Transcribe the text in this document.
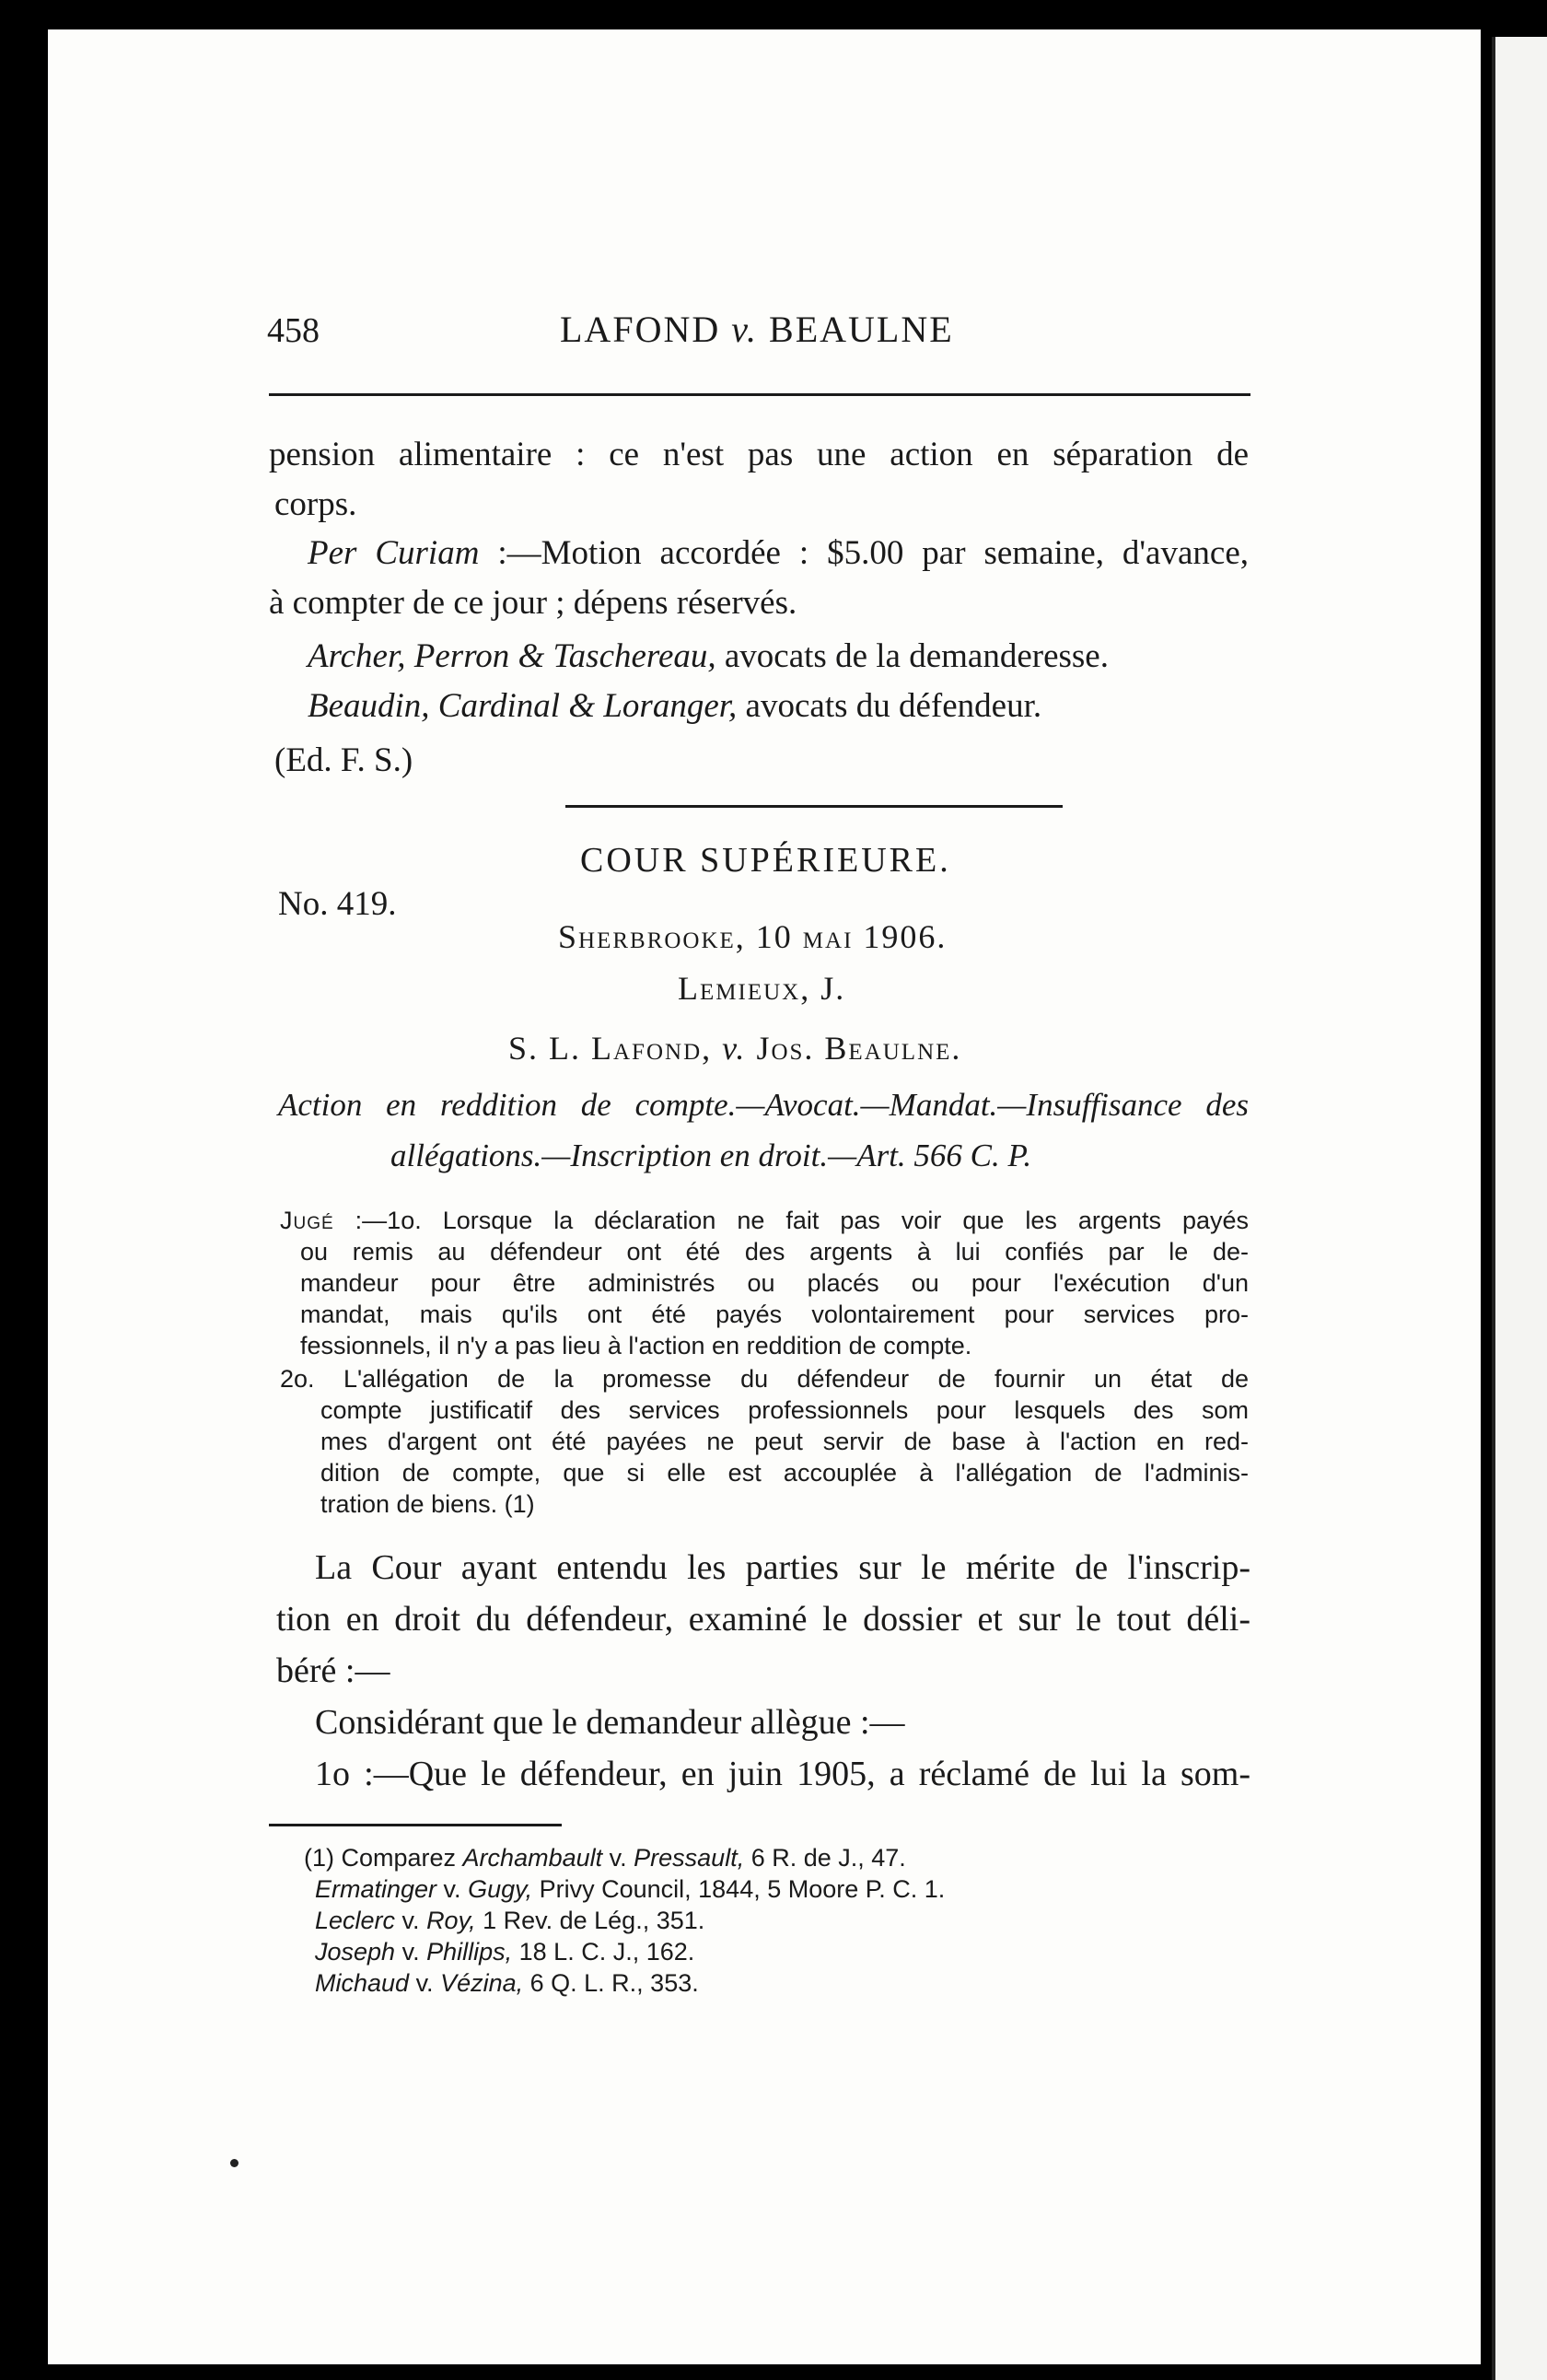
458	LAFOND v. BEAULNE
pension alimentaire : ce n'est pas une action en séparation de
corps.
Per Curiam :—Motion accordée : $5.00 par semaine, d'avance,
à compter de ce jour ; dépens réservés.
Archer, Perron & Taschereau, avocats de la demanderesse.
Beaudin, Cardinal & Loranger, avocats du défendeur.
(Ed. F. S.)
COUR SUPÉRIEURE.
No. 419.
Sherbrooke, 10 mai 1906.
Lemieux, J.
S. L. Lafond, v. Jos. Beaulne.
Action en reddition de compte.—Avocat.—Mandat.—Insuffisance des
allégations.—Inscription en droit.—Art. 566 C. P.
Jugé :—1o. Lorsque la déclaration ne fait pas voir que les argents payés
ou remis au défendeur ont été des argents à lui confiés par le de-
mandeur pour être administrés ou placés ou pour l'exécution d'un
mandat, mais qu'ils ont été payés volontairement pour services pro-
fessionnels, il n'y a pas lieu à l'action en reddition de compte.
2o. L'allégation de la promesse du défendeur de fournir un état de
compte justificatif des services professionnels pour lesquels des som
mes d'argent ont été payées ne peut servir de base à l'action en red-
dition de compte, que si elle est accouplée à l'allégation de l'adminis-
tration de biens. (1)
La Cour ayant entendu les parties sur le mérite de l'inscrip-
tion en droit du défendeur, examiné le dossier et sur le tout déli-
béré :—
Considérant que le demandeur allègue :—
1o :—Que le défendeur, en juin 1905, a réclamé de lui la som-
(1) Comparez Archambault v. Pressault, 6 R. de J., 47.
Ermatinger v. Gugy, Privy Council, 1844, 5 Moore P. C. 1.
Leclerc v. Roy, 1 Rev. de Lég., 351.
Joseph v. Phillips, 18 L. C. J., 162.
Michaud v. Vézina, 6 Q. L. R., 353.
